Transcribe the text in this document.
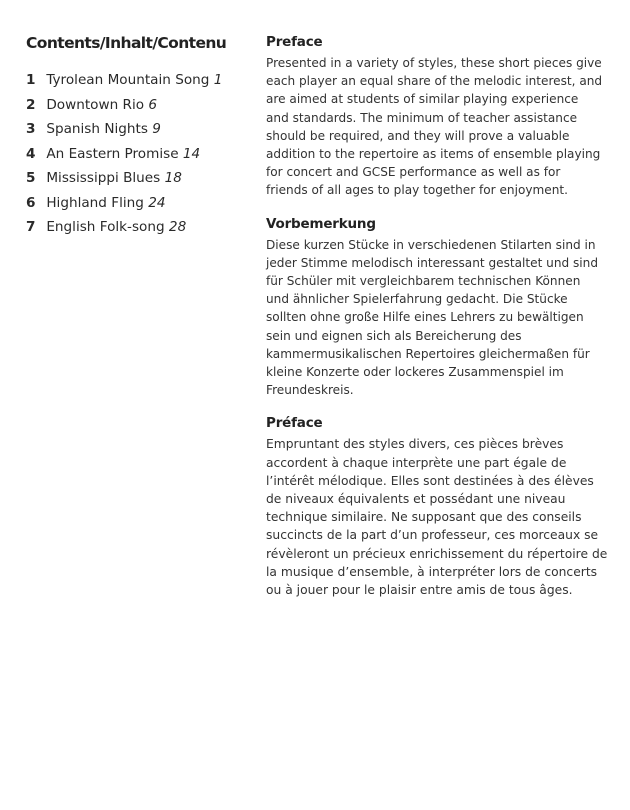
Contents/Inhalt/Contenu
1 Tyrolean Mountain Song 1
2 Downtown Rio 6
3 Spanish Nights 9
4 An Eastern Promise 14
5 Mississippi Blues 18
6 Highland Fling 24
7 English Folk-song 28
Preface

Presented in a variety of styles, these short pieces give
each player an equal share of the melodic interest, and
are aimed at students of similar playing experience
and standards. The minimum of teacher assistance
should be required, and they will prove a valuable
addition to the repertoire as items of ensemble playing
for concert and GCSE performance as well as for
friends of all ages to play together for enjoyment.

Vorbemerkung

Diese kurzen Stücke in verschiedenen Stilarten sind in
jeder Stimme melodisch interessant gestaltet und sind
für Schüler mit vergleichbarem technischen Können
und ähnlicher Spielerfahrung gedacht. Die Stücke
sollten ohne große Hilfe eines Lehrers zu bewältigen
sein und eignen sich als Bereicherung des
kammermusikalischen Repertoires gleichermaßen für
kleine Konzerte oder lockeres Zusammenspiel im
Freundeskreis.

Préface

Empruntant des styles divers, ces pièces brèves
accordent à chaque interprète une part égale de
l’intérêt mélodique. Elles sont destinées à des élèves
de niveaux équivalents et possédant une niveau
technique similaire. Ne supposant que des conseils
succincts de la part d’un professeur, ces morceaux se
révèleront un précieux enrichissement du répertoire de
la musique d’ensemble, à interpréter lors de concerts
ou à jouer pour le plaisir entre amis de tous âges.
